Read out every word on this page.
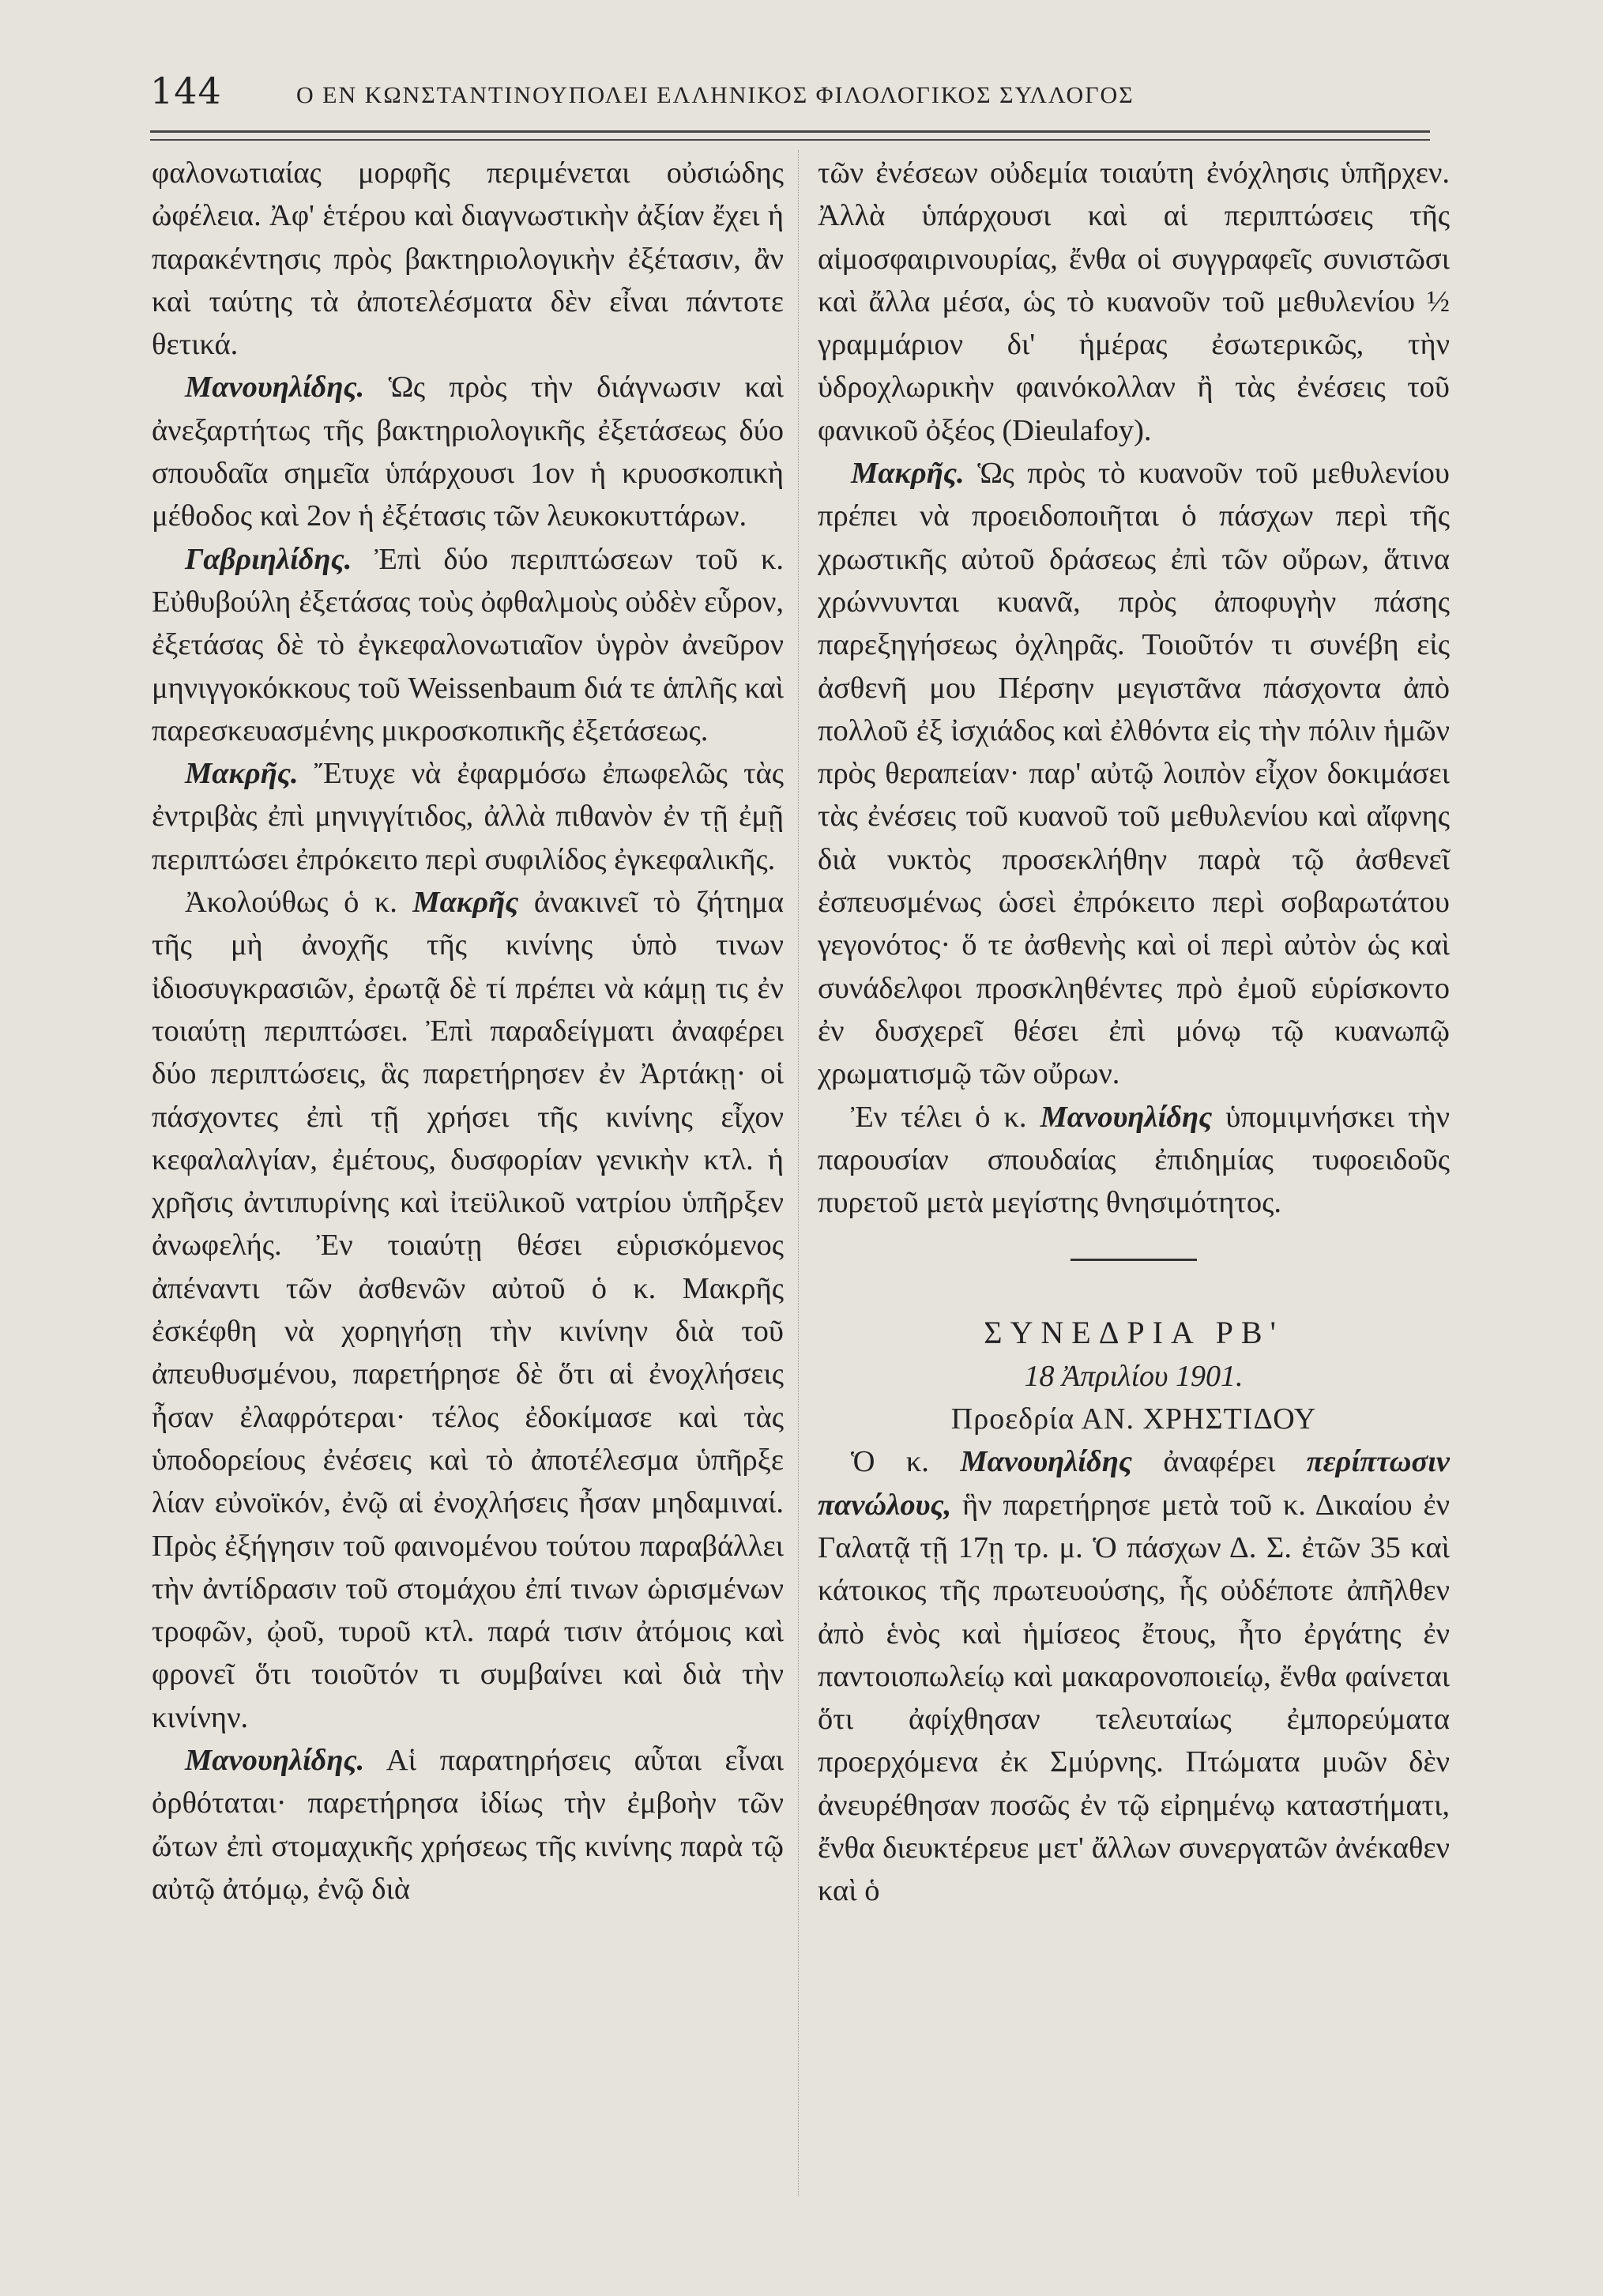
144	Ο ΕΝ ΚΩΝΣΤΑΝΤΙΝΟΥΠΟΛΕΙ ΕΛΛΗΝΙΚΟΣ ΦΙΛΟΛΟΓΙΚΟΣ ΣΥΛΛΟΓΟΣ

φαλονωτιαίας μορφῆς περιμένεται οὐσιώδης ὠφέλεια. Ἀφ' ἑτέρου καὶ διαγνωστικὴν ἀξίαν ἔχει ἡ παρακέντησις πρὸς βακτηριολογικὴν ἐξέτασιν, ἂν καὶ ταύτης τὰ ἀποτελέσματα δὲν εἶναι πάντοτε θετικά.

Μανουηλίδης. Ὡς πρὸς τὴν διάγνωσιν καὶ ἀνεξαρτήτως τῆς βακτηριολογικῆς ἐξετάσεως δύο σπουδαῖα σημεῖα ὑπάρχουσι 1ον ἡ κρυοσκοπικὴ μέθοδος καὶ 2ον ἡ ἐξέτασις τῶν λευκοκυττάρων.

Γαβριηλίδης. Ἐπὶ δύο περιπτώσεων τοῦ κ. Εὐθυβούλη ἐξετάσας τοὺς ὀφθαλμοὺς οὐδὲν εὗρον, ἐξετάσας δὲ τὸ ἐγκεφαλονωτιαῖον ὑγρὸν ἀνεῦρον μηνιγγοκόκκους τοῦ Weissenbaum διά τε ἁπλῆς καὶ παρεσκευασμένης μικροσκοπικῆς ἐξετάσεως.

Μακρῆς. Ἔτυχε νὰ ἐφαρμόσω ἐπωφελῶς τὰς ἐντριβὰς ἐπὶ μηνιγγίτιδος, ἀλλὰ πιθανὸν ἐν τῇ ἐμῇ περιπτώσει ἐπρόκειτο περὶ συφιλίδος ἐγκεφαλικῆς.

Ἀκολούθως ὁ κ. Μακρῆς ἀνακινεῖ τὸ ζήτημα τῆς μὴ ἀνοχῆς τῆς κινίνης ὑπὸ τινων ἰδιοσυγκρασιῶν, ἐρωτᾷ δὲ τί πρέπει νὰ κάμῃ τις ἐν τοιαύτῃ περιπτώσει. Ἐπὶ παραδείγματι ἀναφέρει δύο περιπτώσεις, ἃς παρετήρησεν ἐν Ἀρτάκῃ· οἱ πάσχοντες ἐπὶ τῇ χρήσει τῆς κινίνης εἶχον κεφαλαλγίαν, ἐμέτους, δυσφορίαν γενικὴν κτλ. ἡ χρῆσις ἀντιπυρίνης καὶ ἰτεϋλικοῦ νατρίου ὑπῆρξεν ἀνωφελής. Ἐν τοιαύτῃ θέσει εὑρισκόμενος ἀπέναντι τῶν ἀσθενῶν αὐτοῦ ὁ κ. Μακρῆς ἐσκέφθη νὰ χορηγήσῃ τὴν κινίνην διὰ τοῦ ἀπευθυσμένου, παρετήρησε δὲ ὅτι αἱ ἐνοχλήσεις ἦσαν ἐλαφρότεραι· τέλος ἐδοκίμασε καὶ τὰς ὑποδορείους ἐνέσεις καὶ τὸ ἀποτέλεσμα ὑπῆρξε λίαν εὐνοϊκόν, ἐνῷ αἱ ἐνοχλήσεις ἦσαν μηδαμιναί. Πρὸς ἐξήγησιν τοῦ φαινομένου τούτου παραβάλλει τὴν ἀντίδρασιν τοῦ στομάχου ἐπί τινων ὡρισμένων τροφῶν, ᾠοῦ, τυροῦ κτλ. παρά τισιν ἀτόμοις καὶ φρονεῖ ὅτι τοιοῦτόν τι συμβαίνει καὶ διὰ τὴν κινίνην.

Μανουηλίδης. Αἱ παρατηρήσεις αὗται εἶναι ὀρθόταται· παρετήρησα ἰδίως τὴν ἐμβοὴν τῶν ὤτων ἐπὶ στομαχικῆς χρήσεως τῆς κινίνης παρὰ τῷ αὐτῷ ἀτόμῳ, ἐνῷ διὰ

τῶν ἐνέσεων οὐδεμία τοιαύτη ἐνόχλησις ὑπῆρχεν. Ἀλλὰ ὑπάρχουσι καὶ αἱ περιπτώσεις τῆς αἱμοσφαιρινουρίας, ἔνθα οἱ συγγραφεῖς συνιστῶσι καὶ ἄλλα μέσα, ὡς τὸ κυανοῦν τοῦ μεθυλενίου ½ γραμμάριον δι' ἡμέρας ἐσωτερικῶς, τὴν ὑδροχλωρικὴν φαινόκολλαν ἢ τὰς ἐνέσεις τοῦ φανικοῦ ὀξέος (Dieulafoy).

Μακρῆς. Ὡς πρὸς τὸ κυανοῦν τοῦ μεθυλενίου πρέπει νὰ προειδοποιῆται ὁ πάσχων περὶ τῆς χρωστικῆς αὐτοῦ δράσεως ἐπὶ τῶν οὔρων, ἅτινα χρώννυνται κυανᾶ, πρὸς ἀποφυγὴν πάσης παρεξηγήσεως ὀχληρᾶς. Τοιοῦτόν τι συνέβη εἰς ἀσθενῆ μου Πέρσην μεγιστᾶνα πάσχοντα ἀπὸ πολλοῦ ἐξ ἰσχιάδος καὶ ἐλθόντα εἰς τὴν πόλιν ἡμῶν πρὸς θεραπείαν· παρ' αὐτῷ λοιπὸν εἶχον δοκιμάσει τὰς ἐνέσεις τοῦ κυανοῦ τοῦ μεθυλενίου καὶ αἴφνης διὰ νυκτὸς προσεκλήθην παρὰ τῷ ἀσθενεῖ ἐσπευσμένως ὡσεὶ ἐπρόκειτο περὶ σοβαρωτάτου γεγονότος· ὅ τε ἀσθενὴς καὶ οἱ περὶ αὐτὸν ὡς καὶ συνάδελφοι προσκληθέντες πρὸ ἐμοῦ εὑρίσκοντο ἐν δυσχερεῖ θέσει ἐπὶ μόνῳ τῷ κυανωπῷ χρωματισμῷ τῶν οὔρων.

Ἐν τέλει ὁ κ. Μανουηλίδης ὑπομιμνήσκει τὴν παρουσίαν σπουδαίας ἐπιδημίας τυφοειδοῦς πυρετοῦ μετὰ μεγίστης θνησιμότητος.

ΣΥΝΕΔΡΙΑ ΡΒ'

18 Ἀπριλίου 1901.

Προεδρία ΑΝ. ΧΡΗΣΤΙΔΟΥ

Ὁ κ. Μανουηλίδης ἀναφέρει περίπτωσιν πανώλους, ἣν παρετήρησε μετὰ τοῦ κ. Δικαίου ἐν Γαλατᾷ τῇ 17ῃ τρ. μ. Ὁ πάσχων Δ. Σ. ἐτῶν 35 καὶ κάτοικος τῆς πρωτευούσης, ἧς οὐδέποτε ἀπῆλθεν ἀπὸ ἑνὸς καὶ ἡμίσεος ἔτους, ἦτο ἐργάτης ἐν παντοιοπωλείῳ καὶ μακαρονοποιείῳ, ἔνθα φαίνεται ὅτι ἀφίχθησαν τελευταίως ἐμπορεύματα προερχόμενα ἐκ Σμύρνης. Πτώματα μυῶν δὲν ἀνευρέθησαν ποσῶς ἐν τῷ εἰρημένῳ καταστήματι, ἔνθα διευκτέρευε μετ' ἄλλων συνεργατῶν ἀνέκαθεν καὶ ὁ
